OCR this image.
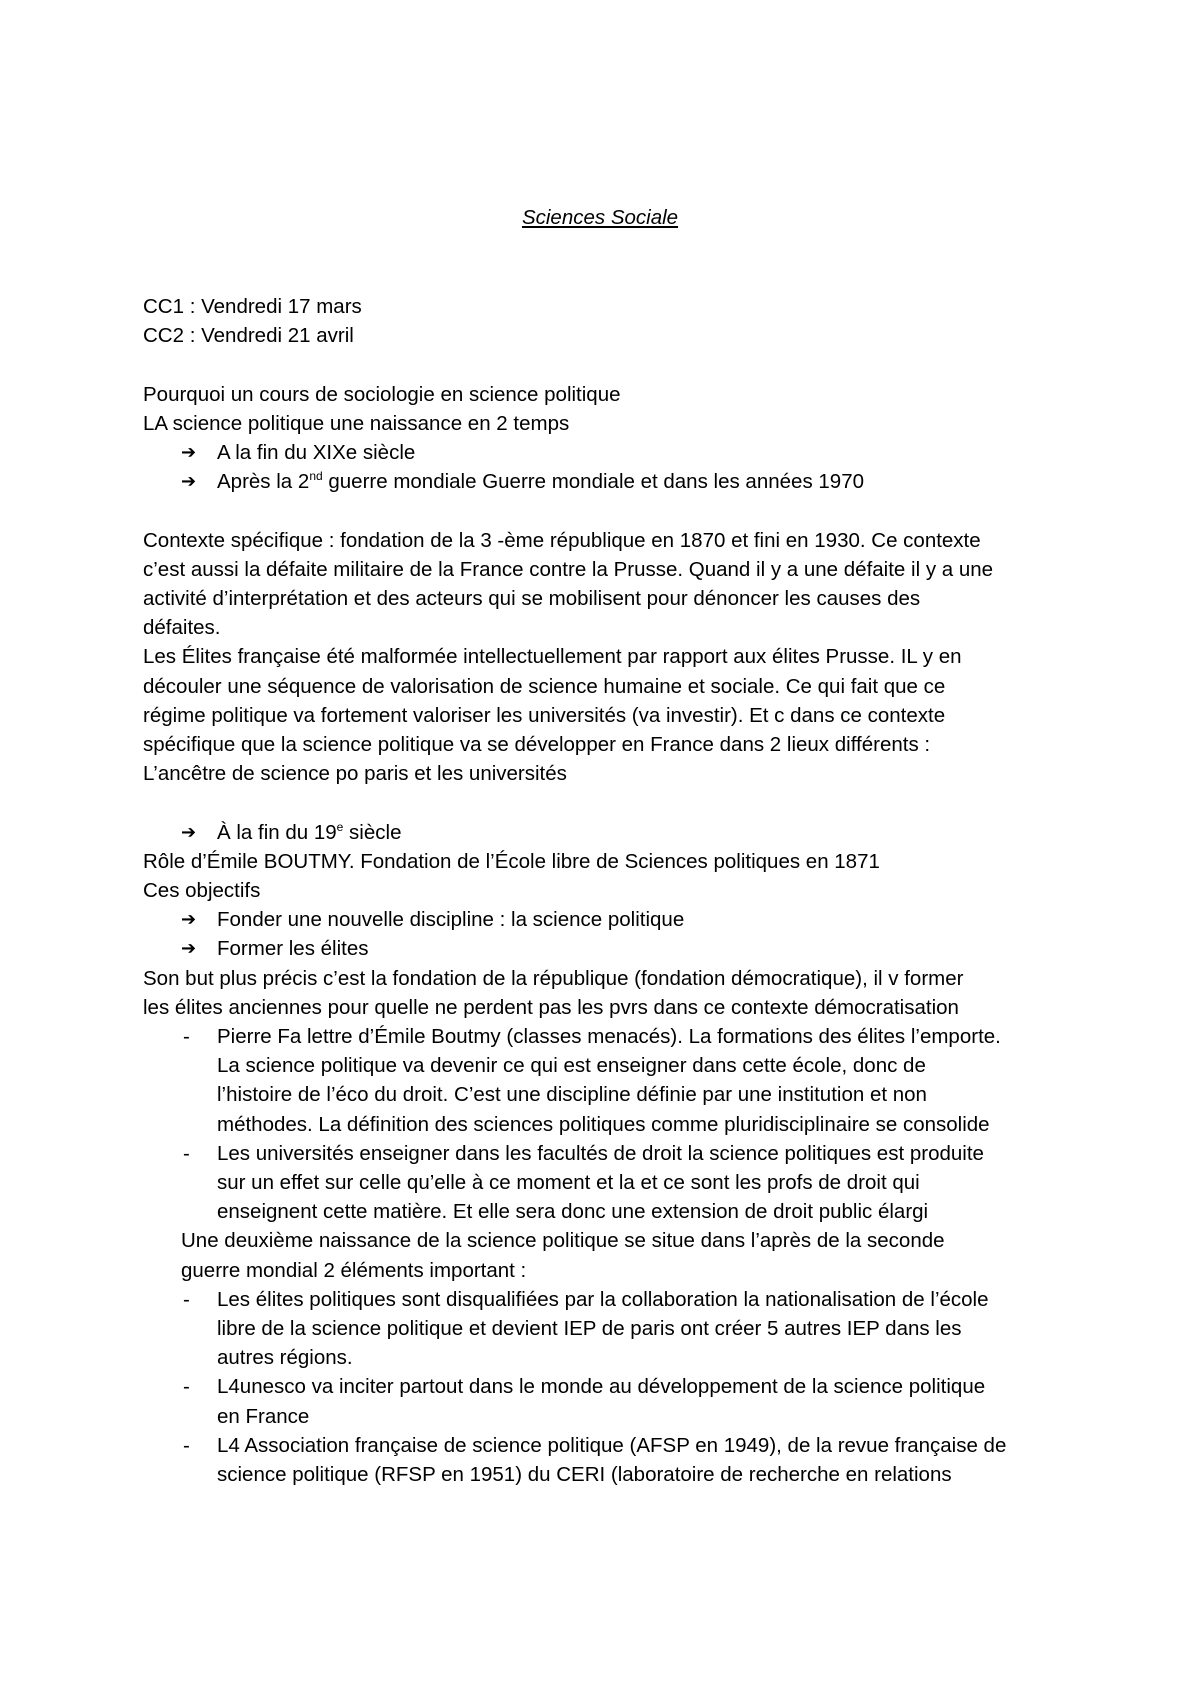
Sciences Sociale
CC1 : Vendredi 17 mars
CC2 : Vendredi 21 avril
Pourquoi un cours de sociologie en science politique
LA science politique une naissance en 2 temps
➔ A la fin du XIXe siècle
➔ Après la 2nd guerre mondiale Guerre mondiale et dans les années 1970
Contexte spécifique : fondation de la 3 -ème république en 1870 et fini en 1930. Ce contexte
c’est aussi la défaite militaire de la France contre la Prusse. Quand il y a une défaite il y a une
activité d’interprétation et des acteurs qui se mobilisent pour dénoncer les causes des
défaites.
Les Élites française été malformée intellectuellement par rapport aux élites Prusse. IL y en
découler une séquence de valorisation de science humaine et sociale. Ce qui fait que ce
régime politique va fortement valoriser les universités (va investir). Et c dans ce contexte
spécifique que la science politique va se développer en France dans 2 lieux différents :
L’ancêtre de science po paris et les universités
➔ À la fin du 19e siècle
Rôle d’Émile BOUTMY. Fondation de l’École libre de Sciences politiques en 1871
Ces objectifs
➔ Fonder une nouvelle discipline : la science politique
➔ Former les élites
Son but plus précis c’est la fondation de la république (fondation démocratique), il v former
les élites anciennes pour quelle ne perdent pas les pvrs dans ce contexte démocratisation
- Pierre Fa lettre d’Émile Boutmy (classes menacés). La formations des élites l’emporte.
La science politique va devenir ce qui est enseigner dans cette école, donc de
l’histoire de l’éco du droit. C’est une discipline définie par une institution et non
méthodes. La définition des sciences politiques comme pluridisciplinaire se consolide
- Les universités enseigner dans les facultés de droit la science politiques est produite
sur un effet sur celle qu’elle à ce moment et la et ce sont les profs de droit qui
enseignent cette matière. Et elle sera donc une extension de droit public élargi
Une deuxième naissance de la science politique se situe dans l’après de la seconde
guerre mondial 2 éléments important :
- Les élites politiques sont disqualifiées par la collaboration la nationalisation de l’école
libre de la science politique et devient IEP de paris ont créer 5 autres IEP dans les
autres régions.
- L4unesco va inciter partout dans le monde au développement de la science politique
en France
- L4 Association française de science politique (AFSP en 1949), de la revue française de
science politique (RFSP en 1951) du CERI (laboratoire de recherche en relations
